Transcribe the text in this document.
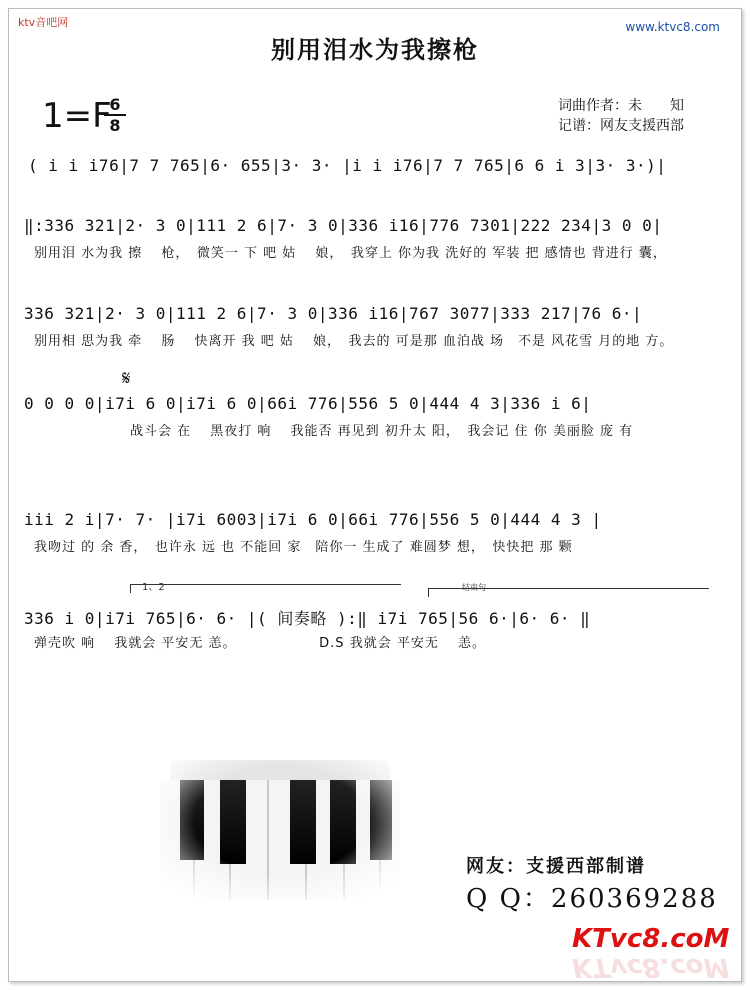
ktv音吧网	www.ktvc8.com
别用泪水为我擦枪
1=F
6
8
词曲作者：未　　知
记谱：网友支援西部
( i i i76|7 7 765|6· 655|3· 3· |i i i76|7 7 765|6 6 i 3|3· 3·)|
‖:336 321|2· 3 0|111 2 6|7· 3 0|336 i16|776 7301|222 234|3 0 0|
别用泪 水为我 擦　 枪，　微笑一 下 吧 姑　 娘，　我穿上 你为我 洗好的 军装 把 感情也 背进行 囊，
336 321|2· 3 0|111 2 6|7· 3 0|336 i16|767 3077|333 217|76 6·|
别用相 思为我 牵　 肠　 快离开 我 吧 姑　 娘，　我去的 可是那 血泊战 场　不是 风花雪 月的地 方。
𝄋
0 0 0 0|i7i 6 0|i7i 6 0|66i 776|556 5 0|444 4 3|336 i 6|
战斗会 在　 黑夜打 响　 我能否 再见到 初升太 阳，　我会记 住 你 美丽脸 庞 有
iii 2 i|7· 7· |i7i 6003|i7i 6 0|66i 776|556 5 0|444 4 3 |
我吻过 的 余 香，　也许永 远 也 不能回 家　陪你一 生成了 难圆梦 想，　快快把 那 颗
1、2	结束句
336 i 0|i7i 765|6· 6· |( 间奏略 ):‖ i7i 765|56 6·|6· 6· ‖
弹壳吹 响　 我就会 平安无 恙。　　　　　　 D.S 我就会 平安无　 恙。
网友：支援西部制谱
Q Q：260369288
KTvc8.coM
KTvc8.coM
